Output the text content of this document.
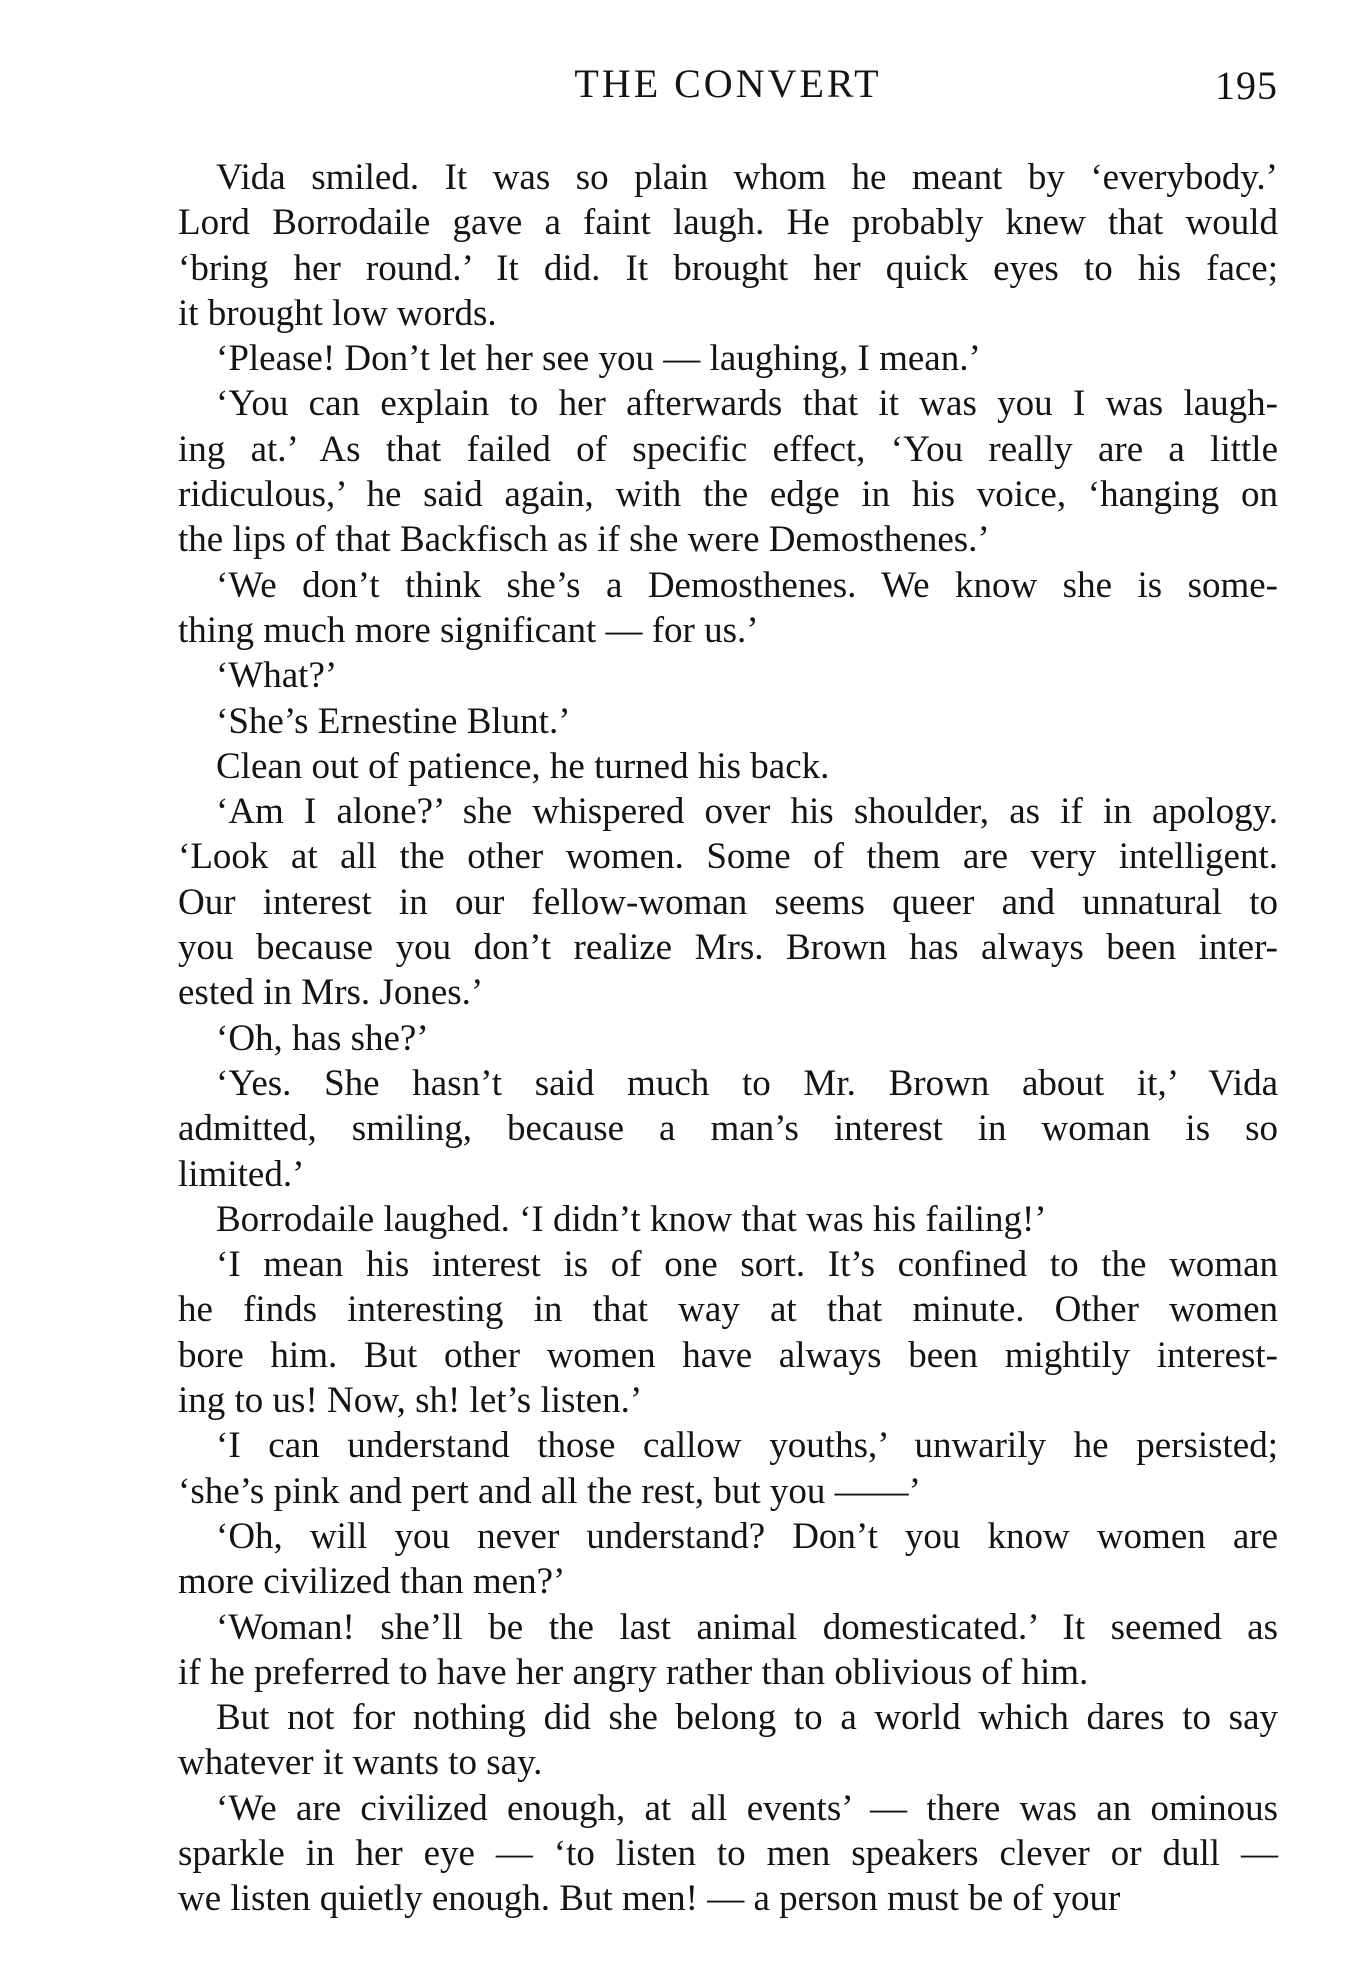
THE CONVERT	195

Vida smiled. It was so plain whom he meant by ‘everybody.’
Lord Borrodaile gave a faint laugh. He probably knew that would
‘bring her round.’ It did. It brought her quick eyes to his face;
it brought low words.

‘Please! Don’t let her see you — laughing, I mean.’

‘You can explain to her afterwards that it was you I was laugh-
ing at.’ As that failed of specific effect, ‘You really are a little
ridiculous,’ he said again, with the edge in his voice, ‘hanging on
the lips of that Backfisch as if she were Demosthenes.’

‘We don’t think she’s a Demosthenes. We know she is some-
thing much more significant — for us.’

‘What?’

‘She’s Ernestine Blunt.’

Clean out of patience, he turned his back.

‘Am I alone?’ she whispered over his shoulder, as if in apology.
‘Look at all the other women. Some of them are very intelligent.
Our interest in our fellow-woman seems queer and unnatural to
you because you don’t realize Mrs. Brown has always been inter-
ested in Mrs. Jones.’

‘Oh, has she?’

‘Yes. She hasn’t said much to Mr. Brown about it,’ Vida
admitted, smiling, because a man’s interest in woman is so
limited.’

Borrodaile laughed. ‘I didn’t know that was his failing!’

‘I mean his interest is of one sort. It’s confined to the woman
he finds interesting in that way at that minute. Other women
bore him. But other women have always been mightily interest-
ing to us! Now, sh! let’s listen.’

‘I can understand those callow youths,’ unwarily he persisted;
‘she’s pink and pert and all the rest, but you ——’

‘Oh, will you never understand? Don’t you know women are
more civilized than men?’

‘Woman! she’ll be the last animal domesticated.’ It seemed as
if he preferred to have her angry rather than oblivious of him.

But not for nothing did she belong to a world which dares to say
whatever it wants to say.

‘We are civilized enough, at all events’ — there was an ominous
sparkle in her eye — ‘to listen to men speakers clever or dull —
we listen quietly enough. But men! — a person must be of your
